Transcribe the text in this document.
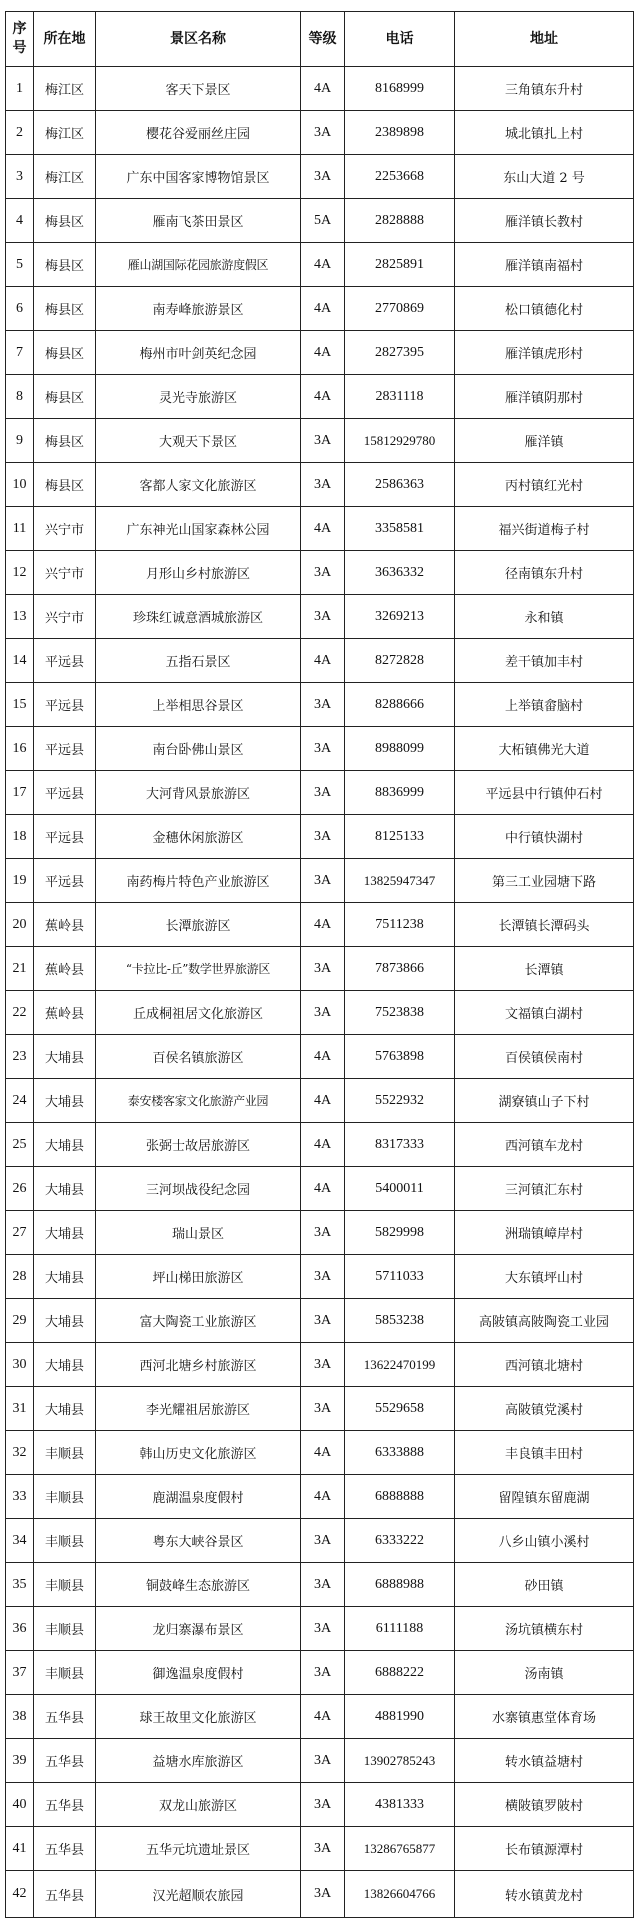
序号	所在地	景区名称	等级	电话	地址
1	梅江区	客天下景区	4A	8168999	三角镇东升村
2	梅江区	樱花谷爱丽丝庄园	3A	2389898	城北镇扎上村
3	梅江区	广东中国客家博物馆景区	3A	2253668	东山大道 2 号
4	梅县区	雁南飞茶田景区	5A	2828888	雁洋镇长教村
5	梅县区	雁山湖国际花园旅游度假区	4A	2825891	雁洋镇南福村
6	梅县区	南寿峰旅游景区	4A	2770869	松口镇德化村
7	梅县区	梅州市叶剑英纪念园	4A	2827395	雁洋镇虎形村
8	梅县区	灵光寺旅游区	4A	2831118	雁洋镇阴那村
9	梅县区	大观天下景区	3A	15812929780	雁洋镇
10	梅县区	客都人家文化旅游区	3A	2586363	丙村镇红光村
11	兴宁市	广东神光山国家森林公园	4A	3358581	福兴街道梅子村
12	兴宁市	月形山乡村旅游区	3A	3636332	径南镇东升村
13	兴宁市	珍珠红诚意酒城旅游区	3A	3269213	永和镇
14	平远县	五指石景区	4A	8272828	差干镇加丰村
15	平远县	上举相思谷景区	3A	8288666	上举镇畲脑村
16	平远县	南台卧佛山景区	3A	8988099	大柘镇佛光大道
17	平远县	大河背风景旅游区	3A	8836999	平远县中行镇仲石村
18	平远县	金穗休闲旅游区	3A	8125133	中行镇快湖村
19	平远县	南药梅片特色产业旅游区	3A	13825947347	第三工业园塘下路
20	蕉岭县	长潭旅游区	4A	7511238	长潭镇长潭码头
21	蕉岭县	“卡拉比-丘”数学世界旅游区	3A	7873866	长潭镇
22	蕉岭县	丘成桐祖居文化旅游区	3A	7523838	文福镇白湖村
23	大埔县	百侯名镇旅游区	4A	5763898	百侯镇侯南村
24	大埔县	泰安楼客家文化旅游产业园	4A	5522932	湖寮镇山子下村
25	大埔县	张弼士故居旅游区	4A	8317333	西河镇车龙村
26	大埔县	三河坝战役纪念园	4A	5400011	三河镇汇东村
27	大埔县	瑞山景区	3A	5829998	洲瑞镇嶂岸村
28	大埔县	坪山梯田旅游区	3A	5711033	大东镇坪山村
29	大埔县	富大陶瓷工业旅游区	3A	5853238	高陂镇高陂陶瓷工业园
30	大埔县	西河北塘乡村旅游区	3A	13622470199	西河镇北塘村
31	大埔县	李光耀祖居旅游区	3A	5529658	高陂镇党溪村
32	丰顺县	韩山历史文化旅游区	4A	6333888	丰良镇丰田村
33	丰顺县	鹿湖温泉度假村	4A	6888888	留隍镇东留鹿湖
34	丰顺县	粤东大峡谷景区	3A	6333222	八乡山镇小溪村
35	丰顺县	铜鼓峰生态旅游区	3A	6888988	砂田镇
36	丰顺县	龙归寨瀑布景区	3A	6111188	汤坑镇横东村
37	丰顺县	御逸温泉度假村	3A	6888222	汤南镇
38	五华县	球王故里文化旅游区	4A	4881990	水寨镇惠堂体育场
39	五华县	益塘水库旅游区	3A	13902785243	转水镇益塘村
40	五华县	双龙山旅游区	3A	4381333	横陂镇罗陂村
41	五华县	五华元坑遗址景区	3A	13286765877	长布镇源潭村
42	五华县	汉光超顺农旅园	3A	13826604766	转水镇黄龙村
